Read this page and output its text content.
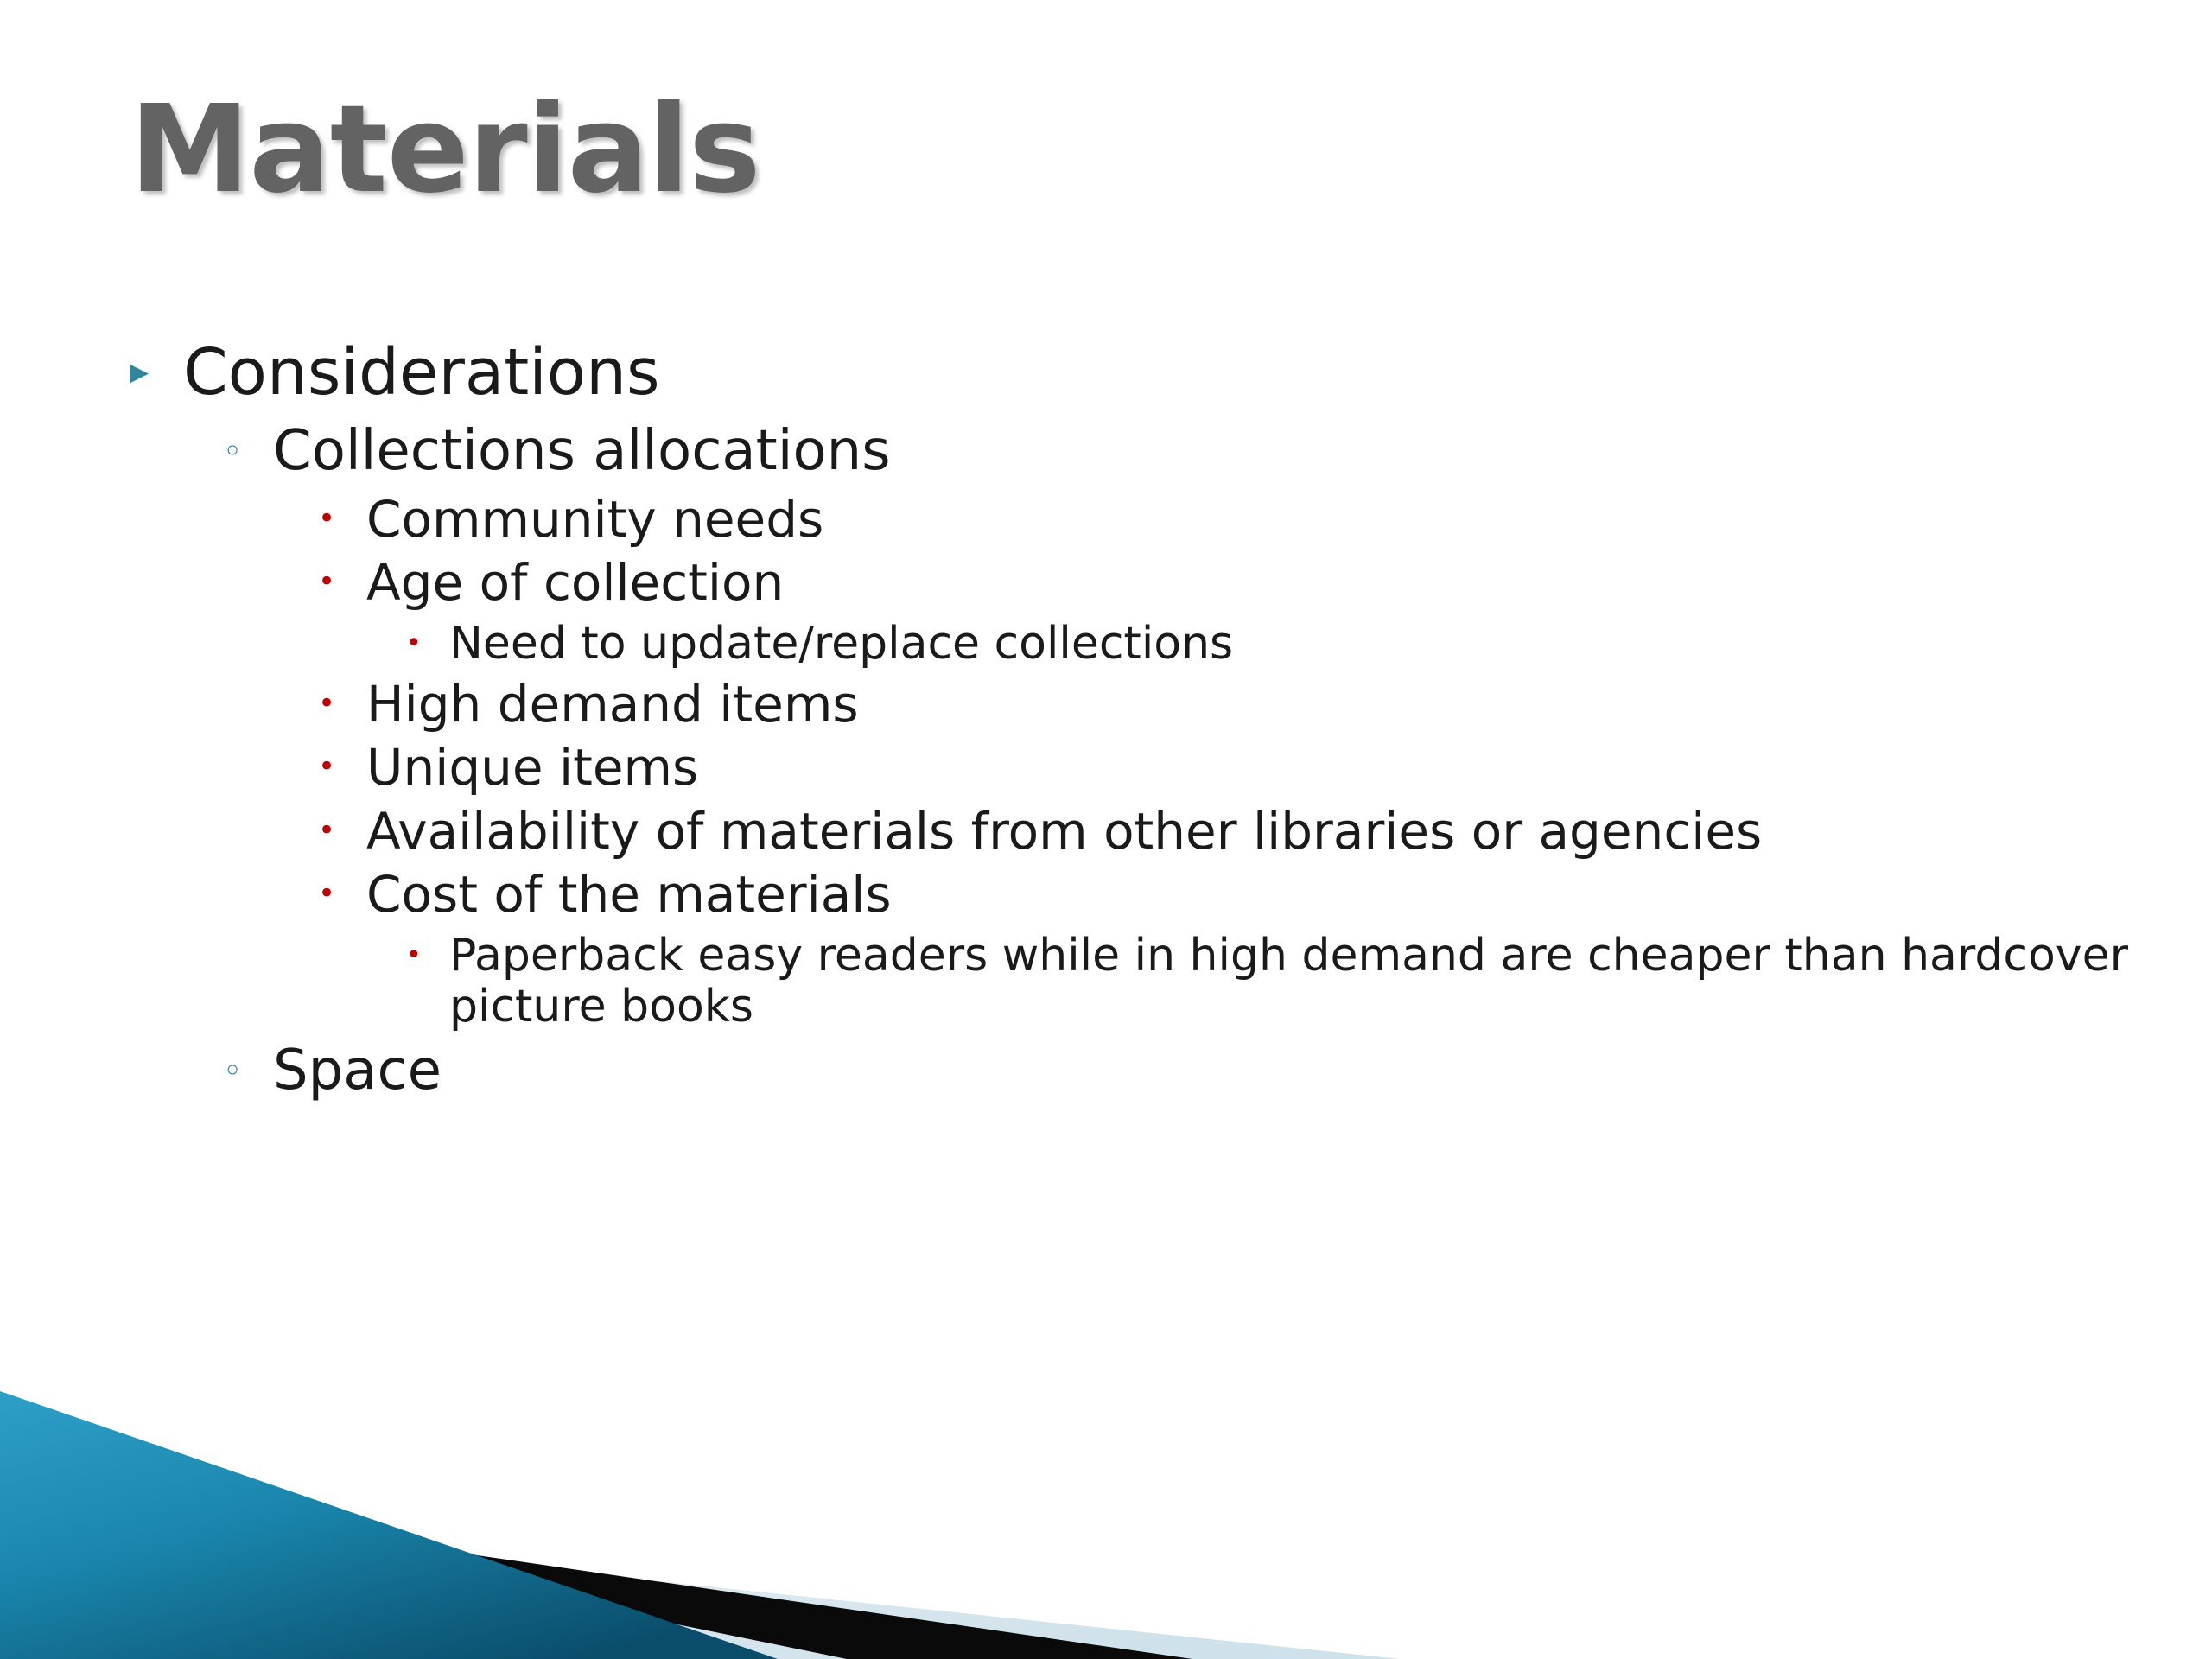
Materials
▸ Considerations
◦ Collections allocations
• Community needs
• Age of collection
• Need to update/replace collections
• High demand items
• Unique items
• Availability of materials from other libraries or agencies
• Cost of the materials
• Paperback easy readers while in high demand are cheaper than hardcover picture books
◦ Space
